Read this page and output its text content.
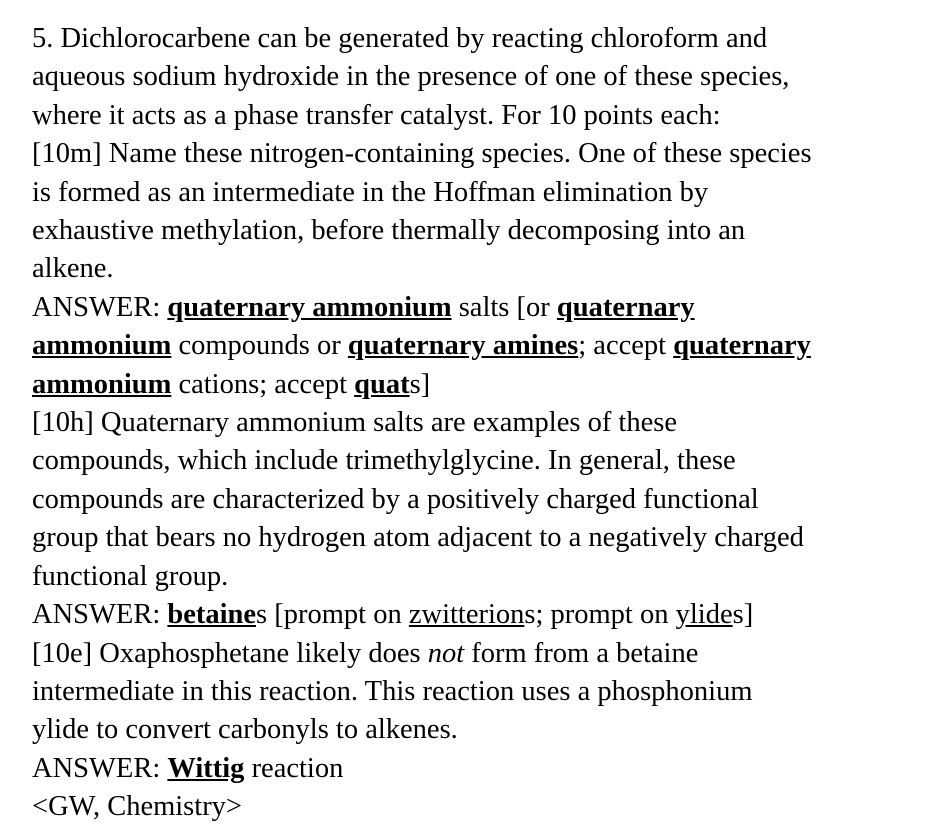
5. Dichlorocarbene can be generated by reacting chloroform and
aqueous sodium hydroxide in the presence of one of these species,
where it acts as a phase transfer catalyst. For 10 points each:
[10m] Name these nitrogen-containing species. One of these species
is formed as an intermediate in the Hoffman elimination by
exhaustive methylation, before thermally decomposing into an
alkene.
ANSWER: quaternary ammonium salts [or quaternary
ammonium compounds or quaternary amines; accept quaternary
ammonium cations; accept quats]
[10h] Quaternary ammonium salts are examples of these
compounds, which include trimethylglycine. In general, these
compounds are characterized by a positively charged functional
group that bears no hydrogen atom adjacent to a negatively charged
functional group.
ANSWER: betaines [prompt on zwitterions; prompt on ylides]
[10e] Oxaphosphetane likely does not form from a betaine
intermediate in this reaction. This reaction uses a phosphonium
ylide to convert carbonyls to alkenes.
ANSWER: Wittig reaction
<GW, Chemistry>
